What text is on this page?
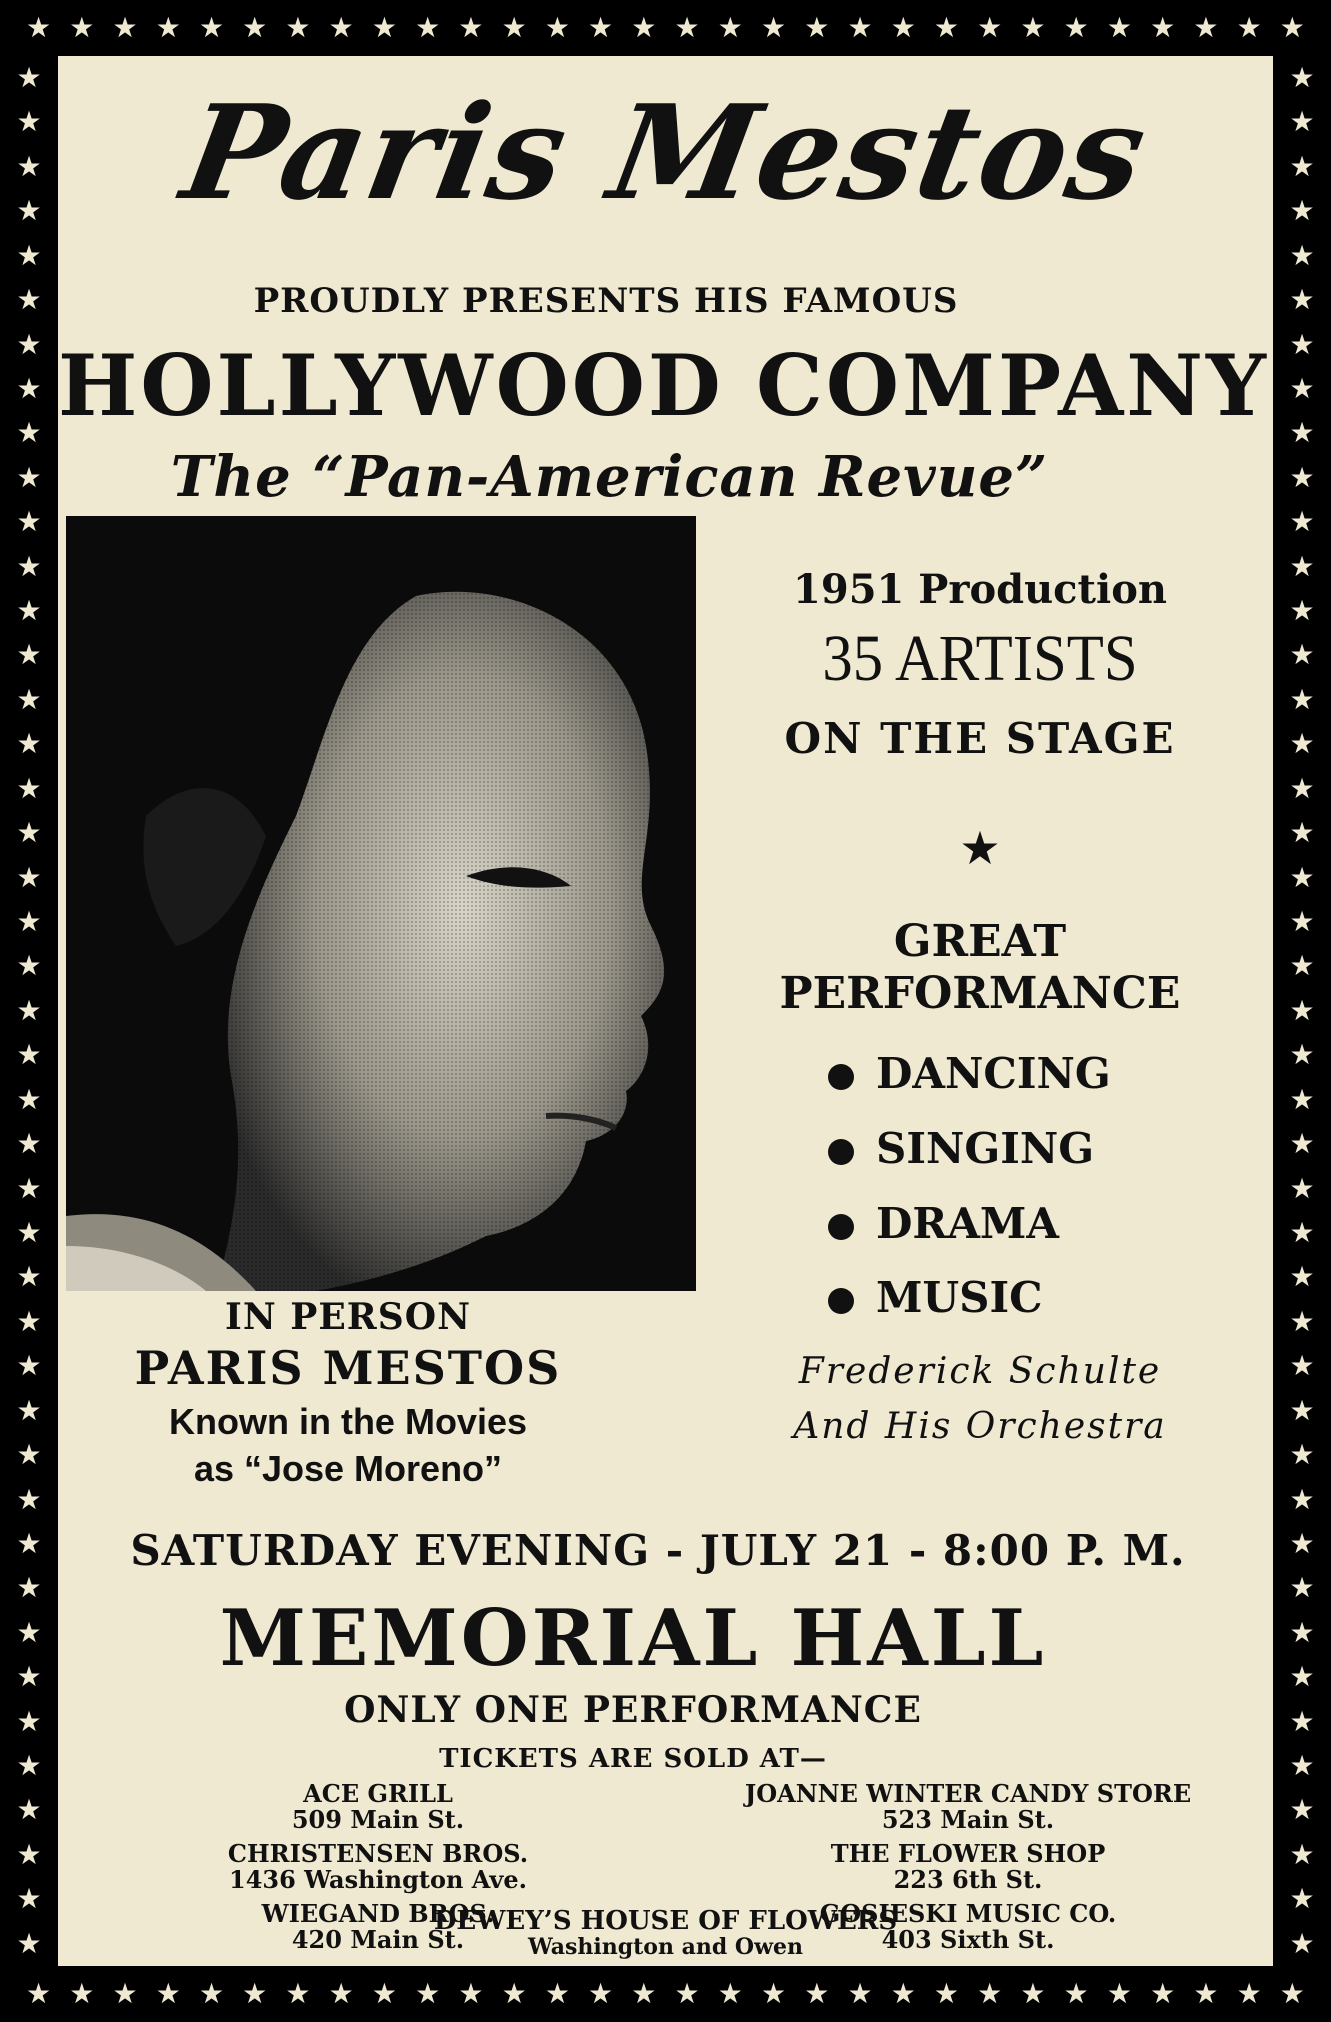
★ ★ ★ ★ ★ ★ ★ ★ ★ ★ ★ ★ ★ ★ ★ ★ ★ ★ ★ ★ ★ ★ ★ ★ ★ ★ ★ ★ ★ ★
★ ★ ★ ★ ★ ★ ★ ★ ★ ★ ★ ★ ★ ★ ★ ★ ★ ★ ★ ★ ★ ★ ★ ★ ★ ★ ★ ★ ★ ★
★
★
★
★
★
★
★
★
★
★
★
★
★
★
★
★
★
★
★
★
★
★
★
★
★
★
★
★
★
★
★
★
★
★
★
★
★
★
★
★
★
★
★
★
★
★
★
★
★
★
★
★
★
★
★
★
★
★
★
★
★
★
★
★
★
★
★
★
★
★
★
★
★
★
★
★
★
★
★
★
★
★
★
★
★
★
Paris Mestos
PROUDLY PRESENTS HIS FAMOUS
HOLLYWOOD COMPANY
The “Pan-American Revue”
1951 Production
35 ARTISTS
ON THE STAGE
★
GREAT
PERFORMANCE
DANCING
SINGING
DRAMA
MUSIC
Frederick Schulte
And His Orchestra
IN PERSON
PARIS MESTOS
Known in the Movies
as “Jose Moreno”
SATURDAY EVENING - JULY 21 - 8:00 P. M.
MEMORIAL HALL
ONLY ONE PERFORMANCE
TICKETS ARE SOLD AT—
ACE GRILL
509 Main St.
CHRISTENSEN BROS.
1436 Washington Ave.
WIEGAND BROS.
420 Main St.
JOANNE WINTER CANDY STORE
523 Main St.
THE FLOWER SHOP
223 6th St.
GOSIESKI MUSIC CO.
403 Sixth St.
DEWEY’S HOUSE OF FLOWERS
Washington and Owen
